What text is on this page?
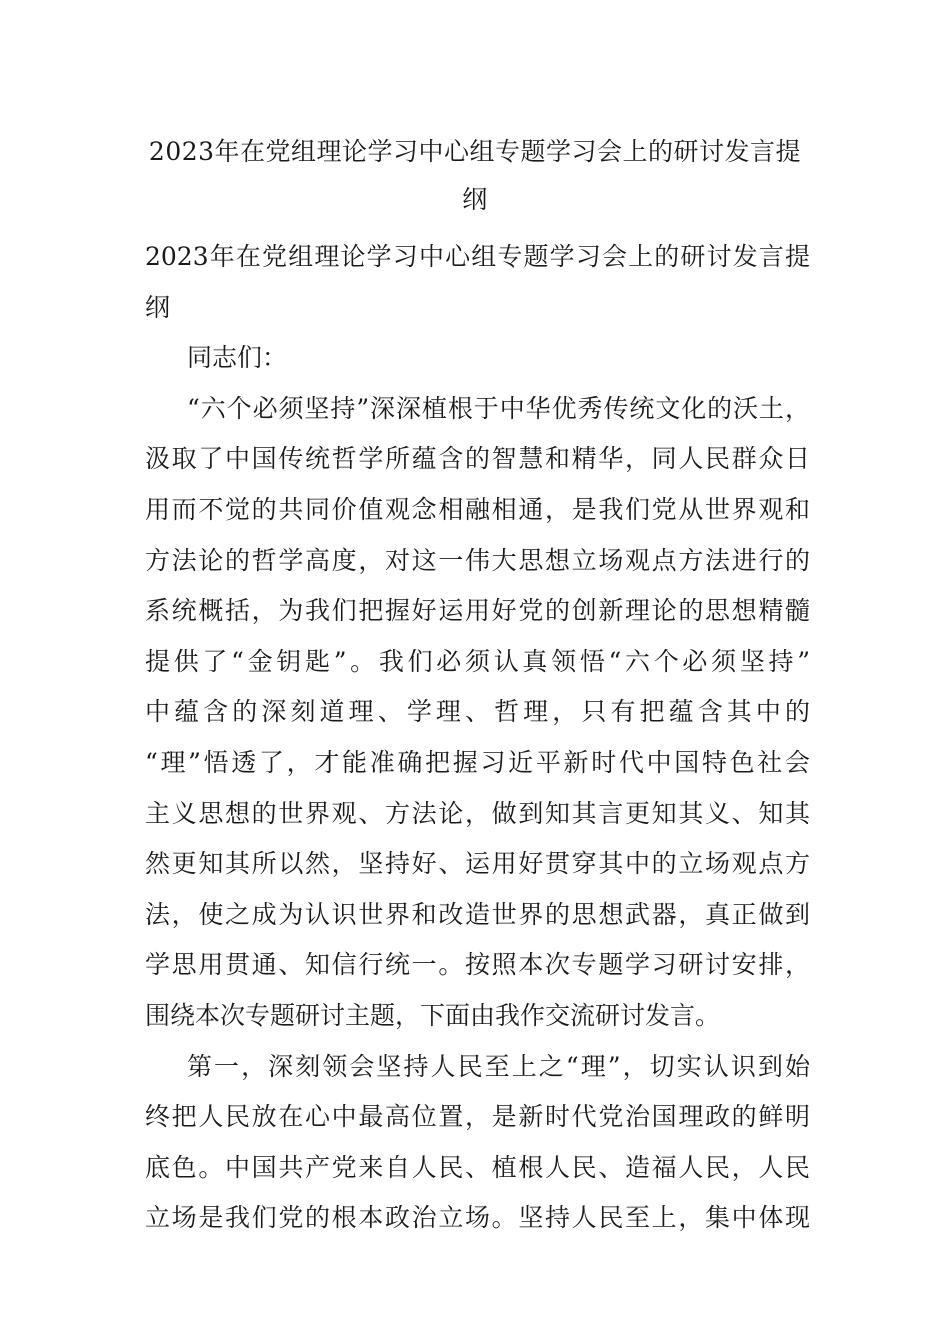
2023年在党组理论学习中心组专题学习会上的研讨发言提纲

2023年在党组理论学习中心组专题学习会上的研讨发言提

纲

同志们：

“六个必须坚持”深深植根于中华优秀传统文化的沃土，

汲取了中国传统哲学所蕴含的智慧和精华，同人民群众日

用而不觉的共同价值观念相融相通，是我们党从世界观和

方法论的哲学高度，对这一伟大思想立场观点方法进行的

系统概括，为我们把握好运用好党的创新理论的思想精髓

提供了“金钥匙”。我们必须认真领悟“六个必须坚持”

中蕴含的深刻道理、学理、哲理，只有把蕴含其中的

“理”悟透了，才能准确把握习近平新时代中国特色社会

主义思想的世界观、方法论，做到知其言更知其义、知其

然更知其所以然，坚持好、运用好贯穿其中的立场观点方

法，使之成为认识世界和改造世界的思想武器，真正做到

学思用贯通、知信行统一。按照本次专题学习研讨安排，

围绕本次专题研讨主题，下面由我作交流研讨发言。

第一，深刻领会坚持人民至上之“理”，切实认识到始

终把人民放在心中最高位置，是新时代党治国理政的鲜明

底色。中国共产党来自人民、植根人民、造福人民，人民

立场是我们党的根本政治立场。坚持人民至上，集中体现
